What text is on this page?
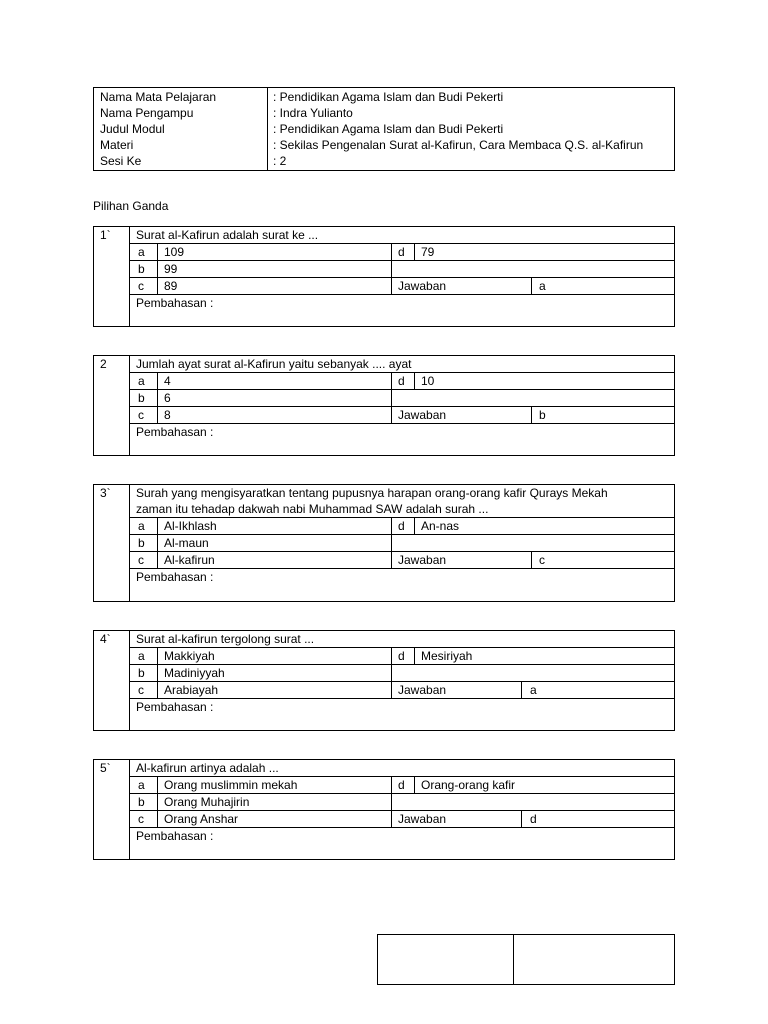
Nama Mata Pelajaran	: Pendidikan Agama Islam dan Budi Pekerti
Nama Pengampu	: Indra Yulianto
Judul Modul	: Pendidikan Agama Islam dan Budi Pekerti
Materi	: Sekilas Pengenalan Surat al-Kafirun, Cara Membaca Q.S. al-Kafirun
Sesi Ke	: 2
Pilihan Ganda
1` Surat al-Kafirun adalah surat ke ...
a 109	d 79
b 99
c 89	Jawaban	a
Pembahasan :
2 Jumlah ayat surat al-Kafirun yaitu sebanyak .... ayat
a 4	d 10
b 6
c 8	Jawaban	b
Pembahasan :
3` Surah yang mengisyaratkan tentang pupusnya harapan orang-orang kafir Qurays Mekah
zaman itu tehadap dakwah nabi Muhammad SAW adalah surah ...
a Al-Ikhlash	d An-nas
b Al-maun
c Al-kafirun	Jawaban	c
Pembahasan :
4` Surat al-kafirun tergolong surat ...
a Makkiyah	d Mesiriyah
b Madiniyyah
c Arabiayah	Jawaban	a
Pembahasan :
5` Al-kafirun artinya adalah ...
a Orang muslimmin mekah	d Orang-orang kafir
b Orang Muhajirin
c Orang Anshar	Jawaban	d
Pembahasan :
